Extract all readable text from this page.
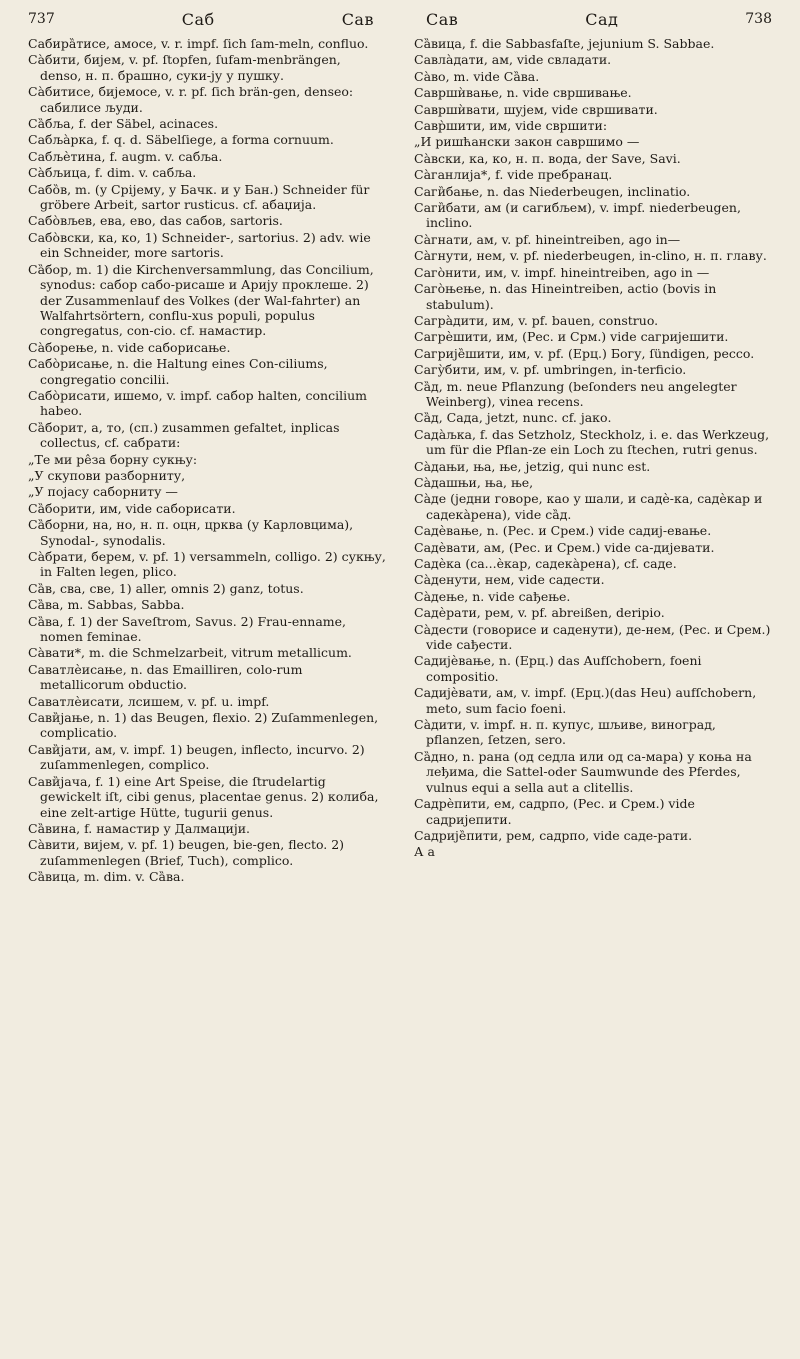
737	Саб	Сав	Сав	Сад	738

Сабира̏тисе, амосе, v. r. impf. ſich ſam-meln, confluo.

Са̀бити, бијем, v. pf. ſtopfen, ſufam-menbrängen, denso, н. п. брашно, суки-ју у пушку.

Са̀битисе, бијемосе, v. r. pf. ſich brän-gen, denseo: сабилисе људи.

Са̏бља, f. der Säbel, acinaces.

Сабља̀рка, f. q. d. Säbelſiege, a forma cornuum.

Сабљѐтина, f. augm. v. сабља.

Са̀бљица, f. dim. v. сабља.

Сабо̏в, m. (у Срijему, у Бачк. и у Бан.) Schneider für gröbere Arbeit, sartor rusticus. cf. абаџија.

Сабо̀вљев, ева, ево, das сабов, sartoris.

Сабо̀вски, ка, ко, 1) Schneider-, sartorius. 2) adv. wie ein Schneider, more sartoris.

Са̏бор, m. 1) die Kirchenversammlung, das Concilium, synodus: сабор сабо-рисаше и Арију проклеше. 2) der Zusammenlauf des Volkes (der Wal-fahrter) an Walfahrtsörtern, conflu-xus populi, populus congregatus, con-cio. cf. намастир.

Са̀борење, n. vide саборисање.

Сабо̀рисање, n. die Haltung eines Con-ciliums, congregatio concilii.

Сабо̀рисати, ишемо, v. impf. сабор halten, concilium habeo.

Са̏борит, а, то, (сп.) zusammen gefaltet, inplicas collectus, cf. сабрати:

„Те ми ре̂за борну сукњу:

„У скупови разборниту,

„У појасу саборниту —

Са̏борити, им, vide саборисати.

Са̏борни, на, но, н. п. оцн, црква (у Карловцима), Synodal-, synodalis.

Са̀брати, берем, v. pf. 1) versammeln, colligo. 2) сукњу, in Falten legen, plico.

Са̏в, сва, све, 1) aller, omnis 2) ganz, totus.

Са̏ва, m. Sabbas, Sabba.

Са̏ва, f. 1) der Saveſtrom, Savus. 2) Frau-enname, nomen feminae.

Са̀вати*, m. die Schmelzarbeit, vitrum metallicum.

Саватлѐисање, n. das Emailliren, colo-rum metallicorum obductio.

Саватлѐисати, лсишем, v. pf. u. impf.

Сави̏јање, n. 1) das Beugen, flexio. 2) Zuſammenlegen, complicatio.

Сави̏јати, ам, v. impf. 1) beugen, inflecto, incurvo. 2) zuſammenlegen, complico.

Сави̏јача, f. 1) eine Art Speise, die ſtrudelartig gewickelt iſt, cibi genus, placentae genus. 2) колиба, eine zelt-artige Hütte, tugurii genus.

Са̏вина, f. намастир у Далмацији.

Са̀вити, вијем, v. pf. 1) beugen, bie-gen, flecto. 2) zuſammenlegen (Brief, Tuch), complico.

Са̏вица, m. dim. v. Са̏ва.

Са̏вица, f. die Sabbasfaſte, jejunium S. Sabbae.

Савла̀дати, ам, vide свладати.

Са̀во, m. vide Са̏ва.

Савршѝвање, n. vide свршивање.

Савршѝвати, шујем, vide свршивати.

Савр̀шити, им, vide свршити:

„И ришћански закон савршимо —

Са̀вски, ка, ко, н. п. вода, der Save, Savi.

Са̀ганлија*, f. vide пребранац.

Саги̏бање, n. das Niederbeugen, inclinatio.

Саги̏бати, ам (и сагибљем), v. impf. niederbeugen, inclino.

Са̀гнати, ам, v. pf. hineintreiben, ago in—

Са̀гнути, нем, v. pf. niederbeugen, in-clino, н. п. главу.

Саго̀нити, им, v. impf. hineintreiben, ago in —

Саго̀њење, n. das Hineintreiben, actio (bovis in stabulum).

Сагра̀дити, им, v. pf. bauen, construo.

Сагрѐшити, им, (Рес. и Срм.) vide сагријешити.

Сагрије̏шити, им, v. pf. (Ерц.) Богу, ſündigen, pecco.

Сагу̀бити, им, v. pf. umbringen, in-terficio.

Са̏д, m. neue Pflanzung (beſonders neu angelegter Weinberg), vinea recens.

Са̏д, Сада, jetzt, nunc. cf. јако.

Сада̀љка, f. das Setzholz, Steckholz, i. e. das Werkzeug, um für die Pflan-ze ein Loch zu ſtechen, rutri genus.

Са̀дањи, ња, ње, jetzig, qui nunc est.

Са̀дашњи, ња, ње,

Са̀де (једни говоре, као у шали, и садѐ-ка, садѐкар и садека̀рена), vide са̏д.

Садѐвање, n. (Рес. и Срем.) vide садиј-евање.

Садѐвати, ам, (Рес. и Срем.) vide са-дијевати.

Садѐка (са...ѐкар, садека̀рена), cf. саде.

Са̀денути, нем, vide садести.

Са̀дење, n. vide сађење.

Садѐрати, рем, v. pf. abreißen, deripio.

Са̀дести (говорисе и саденути), де-нем, (Рес. и Срем.) vide сађести.

Садијѐвање, n. (Ерц.) das Aufſchobern, foeni compositio.

Садијѐвати, ам, v. impf. (Ерц.)(das Heu) aufſchobern, meto, sum facio foeni.

Са̀дити, v. impf. н. п. купус, шљиве, виноград, pflanzen, ſetzen, sero.

Са̏дно, n. рана (од седла или од са-мара) у коња на леђима, die Sattel-oder Saumwunde des Pferdes, vulnus equi a sella aut a clitellis.

Садрѐпити, ем, садрпо, (Рес. и Срем.) vide садријепити.

Садрије̏пити, рем, садрпо, vide саде-рати.

А а
